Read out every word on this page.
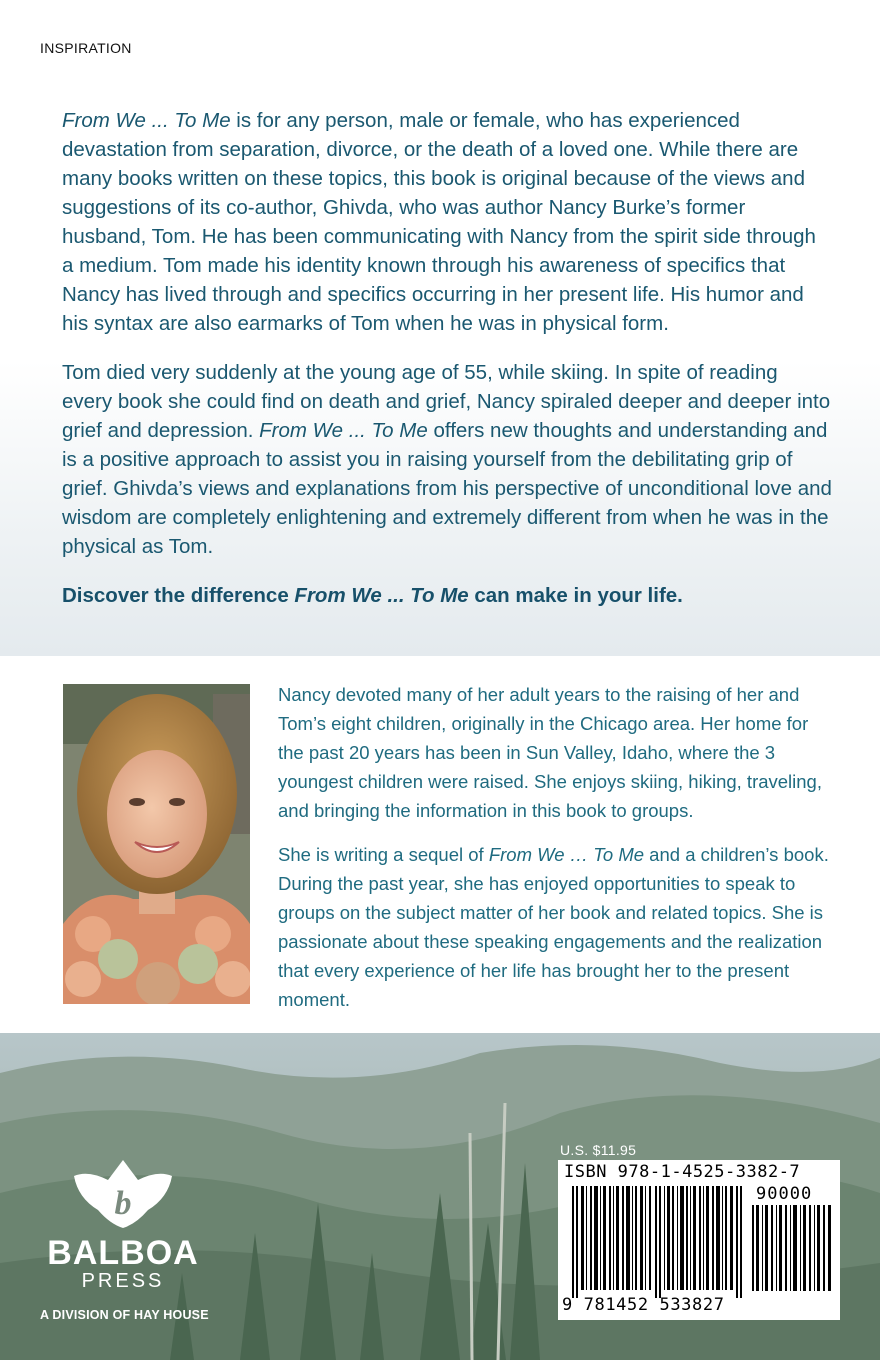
INSPIRATION

From We ... To Me is for any person, male or female, who has experienced devastation from separation, divorce, or the death of a loved one. While there are many books written on these topics, this book is original because of the views and suggestions of its co-author, Ghivda, who was author Nancy Burke’s former husband, Tom. He has been communicating with Nancy from the spirit side through a medium. Tom made his identity known through his awareness of specifics that Nancy has lived through and specifics occurring in her present life. His humor and his syntax are also earmarks of Tom when he was in physical form.

Tom died very suddenly at the young age of 55, while skiing. In spite of reading every book she could find on death and grief, Nancy spiraled deeper and deeper into grief and depression. From We ... To Me offers new thoughts and understanding and is a positive approach to assist you in raising yourself from the debilitating grip of grief. Ghivda’s views and explanations from his perspective of unconditional love and wisdom are completely enlightening and extremely different from when he was in the physical as Tom.

Discover the difference From We ... To Me can make in your life.

Nancy devoted many of her adult years to the raising of her and Tom’s eight children, originally in the Chicago area. Her home for the past 20 years has been in Sun Valley, Idaho, where the 3 youngest children were raised. She enjoys skiing, hiking, traveling, and bringing the information in this book to groups.

She is writing a sequel of From We … To Me and a children’s book. During the past year, she has enjoyed opportunities to speak to groups on the subject matter of her book and related topics. She is passionate about these speaking engagements and the realization that every experience of her life has brought her to the present moment.

b
BALBOA
PRESS
A DIVISION OF HAY HOUSE
U.S. $11.95
ISBN 978-1-4525-3382-7
90000
9 781452 533827
